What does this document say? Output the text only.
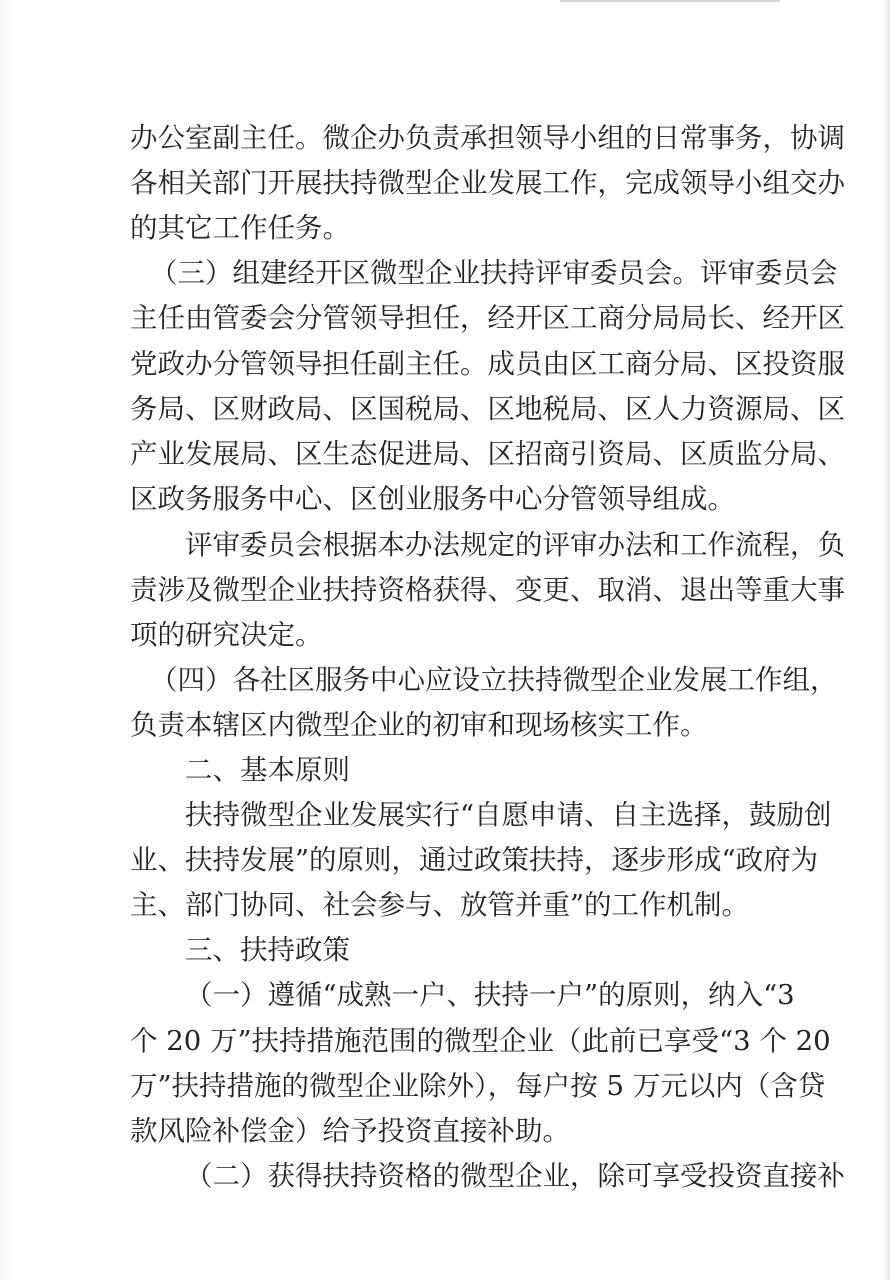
办公室副主任。微企办负责承担领导小组的日常事务，协调
各相关部门开展扶持微型企业发展工作，完成领导小组交办
的其它工作任务。
（三）组建经开区微型企业扶持评审委员会。评审委员会
主任由管委会分管领导担任，经开区工商分局局长、经开区
党政办分管领导担任副主任。成员由区工商分局、区投资服
务局、区财政局、区国税局、区地税局、区人力资源局、区
产业发展局、区生态促进局、区招商引资局、区质监分局、
区政务服务中心、区创业服务中心分管领导组成。
评审委员会根据本办法规定的评审办法和工作流程，负
责涉及微型企业扶持资格获得、变更、取消、退出等重大事
项的研究决定。
（四）各社区服务中心应设立扶持微型企业发展工作组，
负责本辖区内微型企业的初审和现场核实工作。
二、基本原则
扶持微型企业发展实行“自愿申请、自主选择，鼓励创
业、扶持发展”的原则，通过政策扶持，逐步形成“政府为
主、部门协同、社会参与、放管并重”的工作机制。
三、扶持政策
（一）遵循“成熟一户、扶持一户”的原则，纳入“3
个 20 万”扶持措施范围的微型企业（此前已享受“3 个 20
万”扶持措施的微型企业除外），每户按 5 万元以内（含贷
款风险补偿金）给予投资直接补助。
（二）获得扶持资格的微型企业，除可享受投资直接补
